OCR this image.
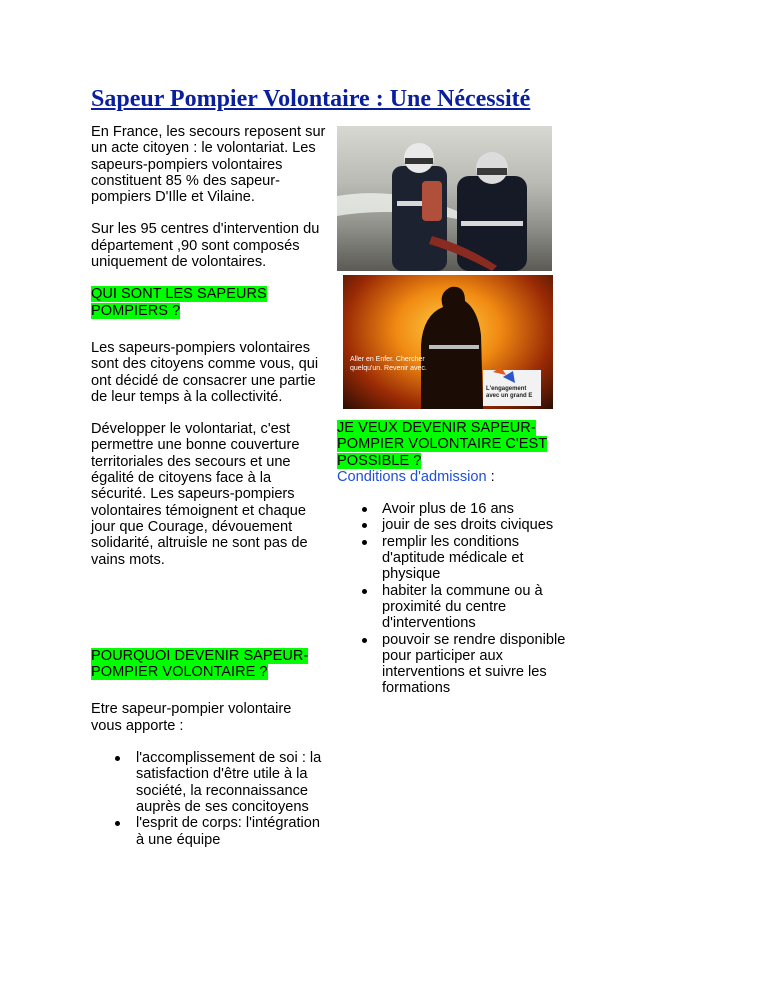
Sapeur Pompier Volontaire : Une Nécessité

En France, les secours reposent sur un acte citoyen : le volontariat. Les sapeurs-pompiers volontaires constituent 85 % des sapeur-pompiers D'Ille et Vilaine.

Sur les 95 centres d'intervention du département ,90 sont composés uniquement de volontaires.

QUI SONT LES SAPEURS POMPIERS ?

Les sapeurs-pompiers volontaires sont des citoyens comme vous, qui ont décidé de consacrer une partie de leur temps à la collectivité.

Développer le volontariat, c'est permettre une bonne couverture territoriales des secours et une égalité de citoyens face à la sécurité. Les sapeurs-pompiers volontaires témoignent et chaque jour que Courage, dévouement solidarité, altruisle ne sont pas de vains mots.

POURQUOI DEVENIR SAPEUR-POMPIER VOLONTAIRE ?

Etre sapeur-pompier volontaire vous apporte :

l'accomplissement de soi : la satisfaction d'être utile à la société, la reconnaissance auprès de ses concitoyens
l'esprit de corps: l'intégration à une équipe
Aller en Enfer. Chercher quelqu'un. Revenir avec.
L'engagement avec un grand E

JE VEUX DEVENIR SAPEUR-POMPIER VOLONTAIRE C'EST POSSIBLE ?

Conditions d'admission :

Avoir plus de 16 ans
jouir de ses droits civiques
remplir les conditions d'aptitude médicale et physique
habiter la commune ou à proximité du centre d'interventions
pouvoir se rendre disponible pour participer aux interventions et suivre les formations
